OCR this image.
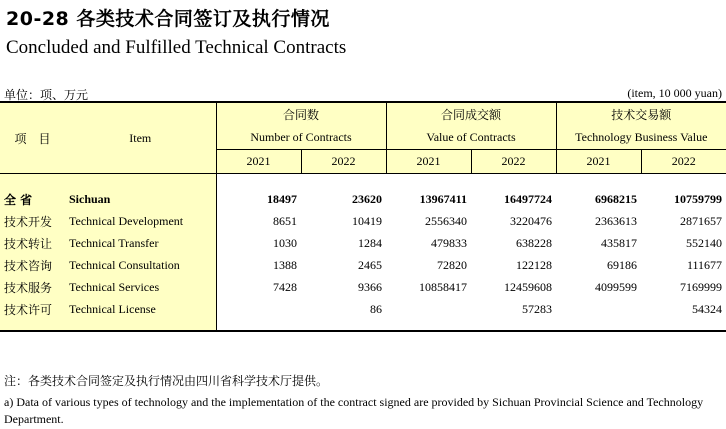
20-28 各类技术合同签订及执行情况
Concluded and Fulfilled Technical Contracts
单位：项、万元	(item, 10 000 yuan)
项　目	Item	合同数		合同成交额		技术交易额	
		Number of Contracts		Value of Contracts		Technology Business Value	
		2021	2022	2021	2022	2021	2022

全 省	Sichuan	18497	23620	13967411	16497724	6968215	10759799
技术开发	Technical Development	8651	10419	2556340	3220476	2363613	2871657
技术转让	Technical Transfer	1030	1284	479833	638228	435817	552140
技术咨询	Technical Consultation	1388	2465	72820	122128	69186	111677
技术服务	Technical Services	7428	9366	10858417	12459608	4099599	7169999
技术许可	Technical License		86		57283		54324

注：各类技术合同签定及执行情况由四川省科学技术厅提供。
a) Data of various types of technology and the implementation of the contract signed are provided by Sichuan Provincial Science and Technology Department.
